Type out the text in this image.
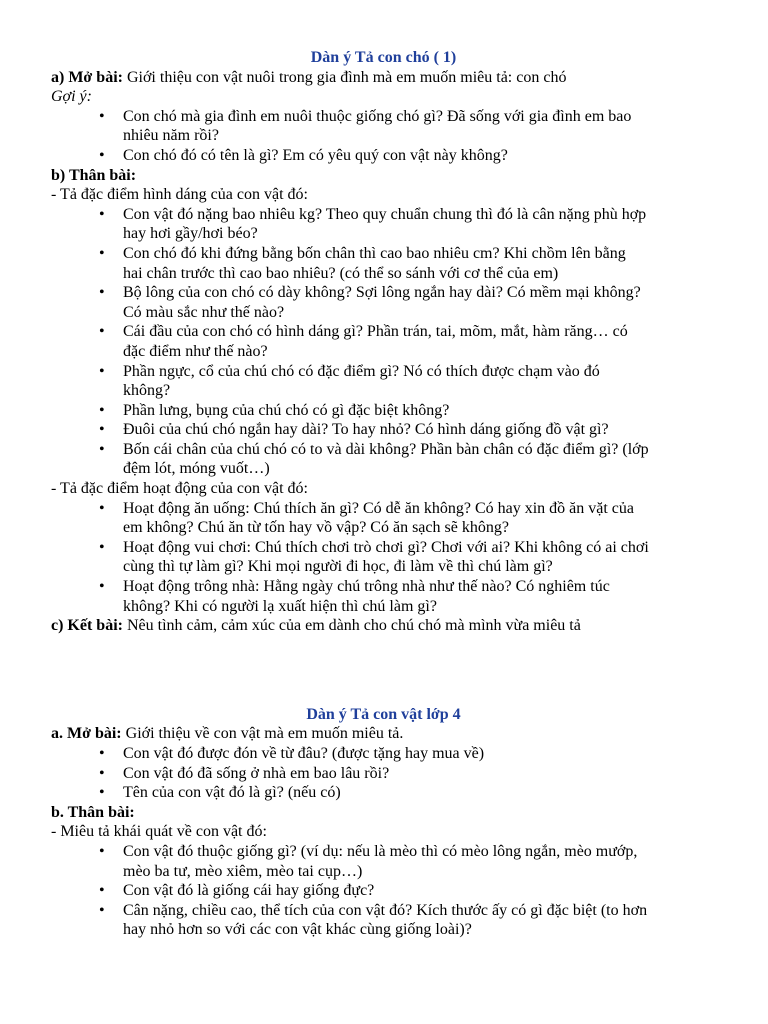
Dàn ý Tả con chó ( 1)
a) Mở bài: Giới thiệu con vật nuôi trong gia đình mà em muốn miêu tả: con chó
Gợi ý:
• Con chó mà gia đình em nuôi thuộc giống chó gì? Đã sống với gia đình em bao
nhiêu năm rồi?
• Con chó đó có tên là gì? Em có yêu quý con vật này không?
b) Thân bài:
- Tả đặc điểm hình dáng của con vật đó:
• Con vật đó nặng bao nhiêu kg? Theo quy chuẩn chung thì đó là cân nặng phù hợp
hay hơi gầy/hơi béo?
• Con chó đó khi đứng bằng bốn chân thì cao bao nhiêu cm? Khi chồm lên bằng
hai chân trước thì cao bao nhiêu? (có thể so sánh với cơ thể của em)
• Bộ lông của con chó có dày không? Sợi lông ngắn hay dài? Có mềm mại không?
Có màu sắc như thế nào?
• Cái đầu của con chó có hình dáng gì? Phần trán, tai, mõm, mắt, hàm răng… có
đặc điểm như thế nào?
• Phần ngực, cổ của chú chó có đặc điểm gì? Nó có thích được chạm vào đó
không?
• Phần lưng, bụng của chú chó có gì đặc biệt không?
• Đuôi của chú chó ngắn hay dài? To hay nhỏ? Có hình dáng giống đồ vật gì?
• Bốn cái chân của chú chó có to và dài không? Phần bàn chân có đặc điểm gì? (lớp
đệm lót, móng vuốt…)
- Tả đặc điểm hoạt động của con vật đó:
• Hoạt động ăn uống: Chú thích ăn gì? Có dễ ăn không? Có hay xin đồ ăn vặt của
em không? Chú ăn từ tốn hay vồ vập? Có ăn sạch sẽ không?
• Hoạt động vui chơi: Chú thích chơi trò chơi gì? Chơi với ai? Khi không có ai chơi
cùng thì tự làm gì? Khi mọi người đi học, đi làm về thì chú làm gì?
• Hoạt động trông nhà: Hằng ngày chú trông nhà như thế nào? Có nghiêm túc
không? Khi có người lạ xuất hiện thì chú làm gì?
c) Kết bài: Nêu tình cảm, cảm xúc của em dành cho chú chó mà mình vừa miêu tả
Dàn ý Tả con vật lớp 4
a. Mở bài: Giới thiệu về con vật mà em muốn miêu tả.
• Con vật đó được đón về từ đâu? (được tặng hay mua về)
• Con vật đó đã sống ở nhà em bao lâu rồi?
• Tên của con vật đó là gì? (nếu có)
b. Thân bài:
- Miêu tả khái quát về con vật đó:
• Con vật đó thuộc giống gì? (ví dụ: nếu là mèo thì có mèo lông ngắn, mèo mướp,
mèo ba tư, mèo xiêm, mèo tai cụp…)
• Con vật đó là giống cái hay giống đực?
• Cân nặng, chiều cao, thể tích của con vật đó? Kích thước ấy có gì đặc biệt (to hơn
hay nhỏ hơn so với các con vật khác cùng giống loài)?
